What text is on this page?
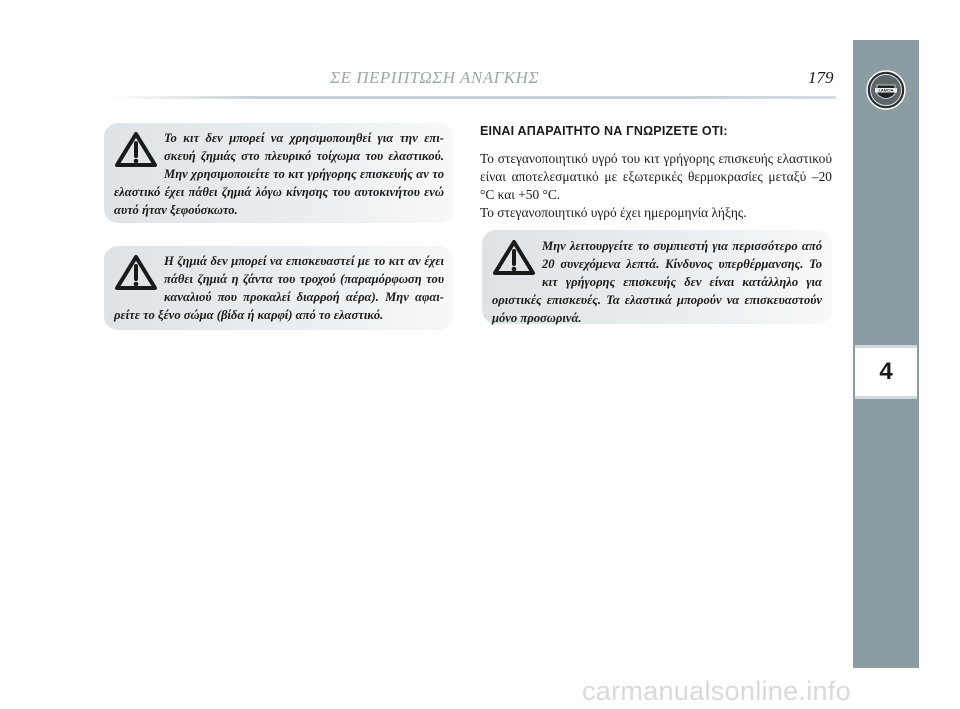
ΣΕ ΠΕΡΙΠΤΩΣΗ ΑΝΑΓΚΗΣ	179
LANCIA
4

Το κιτ δεν μπορεί να χρησιμοποιηθεί για την επισκευή ζημιάς στο πλευρικό τοίχωμα του ελαστικού. Μην χρησιμοποιείτε το κιτ γρήγορης επισκευής αν το ελαστικό έχει πάθει ζημιά λόγω κίνησης του αυτοκινήτου ενώ αυτό ήταν ξεφούσκωτο.

Η ζημιά δεν μπορεί να επισκευαστεί με το κιτ αν έχει πάθει ζημιά η ζάντα του τροχού (παραμόρφωση του καναλιού που προκαλεί διαρροή αέρα). Μην αφαιρείτε το ξένο σώμα (βίδα ή καρφί) από το ελαστικό.

ΕΙΝΑΙ ΑΠΑΡΑΙΤΗΤΟ ΝΑ ΓΝΩΡΙΖΕΤΕ ΟΤΙ:

Το στεγανοποιητικό υγρό του κιτ γρήγορης επισκευής ελαστικού είναι αποτελεσματικό με εξωτερικές θερμοκρασίες μεταξύ –20 °C και +50 °C.

Το στεγανοποιητικό υγρό έχει ημερομηνία λήξης.

Μην λειτουργείτε το συμπιεστή για περισσότερο από 20 συνεχόμενα λεπτά. Κίνδυνος υπερθέρμανσης. Το κιτ γρήγορης επισκευής δεν είναι κατάλληλο για οριστικές επισκευές. Τα ελαστικά μπορούν να επισκευαστούν μόνο προσωρινά.

carmanualsonline.info
